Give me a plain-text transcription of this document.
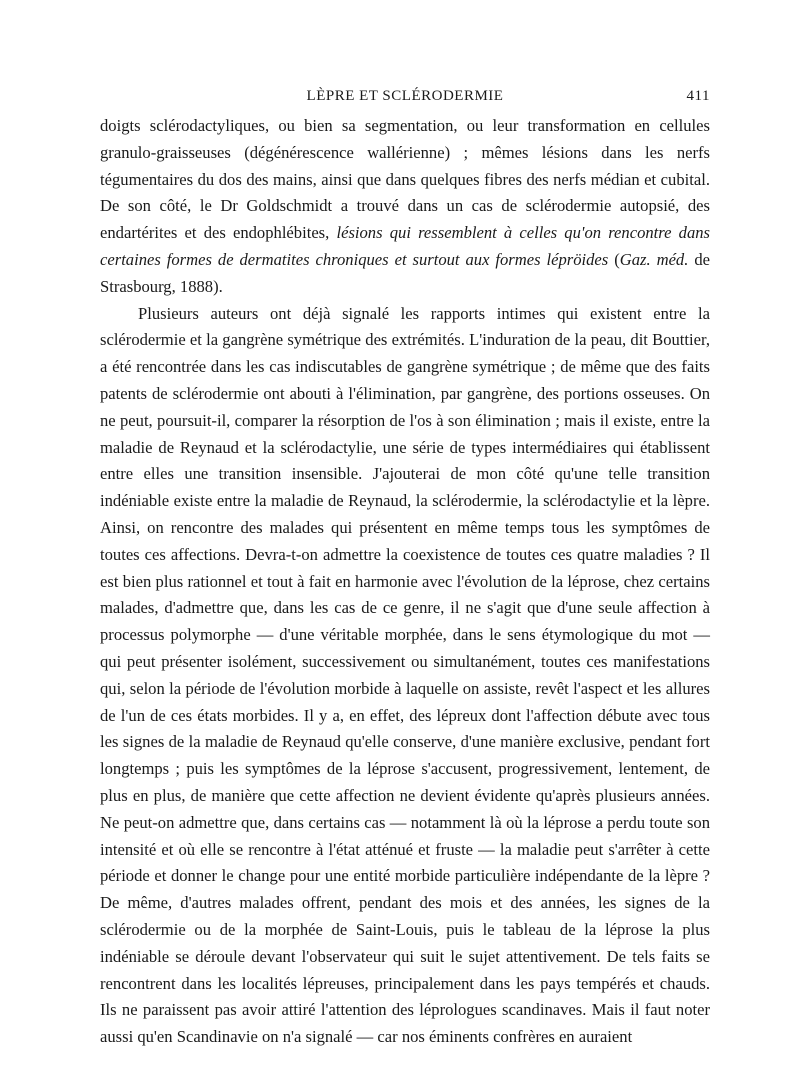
LÈPRE ET SCLÉRODERMIE	411

doigts sclérodactyliques, ou bien sa segmentation, ou leur transformation en cellules granulo-graisseuses (dégénérescence wallérienne) ; mêmes lésions dans les nerfs tégumentaires du dos des mains, ainsi que dans quelques fibres des nerfs médian et cubital. De son côté, le Dr Goldschmidt a trouvé dans un cas de sclérodermie autopsié, des endartérites et des endophlébites, lésions qui ressemblent à celles qu'on rencontre dans certaines formes de dermatites chroniques et surtout aux formes lépröides (Gaz. méd. de Strasbourg, 1888).

Plusieurs auteurs ont déjà signalé les rapports intimes qui existent entre la sclérodermie et la gangrène symétrique des extrémités. L'induration de la peau, dit Bouttier, a été rencontrée dans les cas indiscutables de gangrène symétrique ; de même que des faits patents de sclérodermie ont abouti à l'élimination, par gangrène, des portions osseuses. On ne peut, poursuit-il, comparer la résorption de l'os à son élimination ; mais il existe, entre la maladie de Reynaud et la sclérodactylie, une série de types intermédiaires qui établissent entre elles une transition insensible. J'ajouterai de mon côté qu'une telle transition indéniable existe entre la maladie de Reynaud, la sclérodermie, la sclérodactylie et la lèpre. Ainsi, on rencontre des malades qui présentent en même temps tous les symptômes de toutes ces affections. Devra-t-on admettre la coexistence de toutes ces quatre maladies ? Il est bien plus rationnel et tout à fait en harmonie avec l'évolution de la léprose, chez certains malades, d'admettre que, dans les cas de ce genre, il ne s'agit que d'une seule affection à processus polymorphe — d'une véritable morphée, dans le sens étymologique du mot — qui peut présenter isolément, successivement ou simultanément, toutes ces manifestations qui, selon la période de l'évolution morbide à laquelle on assiste, revêt l'aspect et les allures de l'un de ces états morbides. Il y a, en effet, des lépreux dont l'affection débute avec tous les signes de la maladie de Reynaud qu'elle conserve, d'une manière exclusive, pendant fort longtemps ; puis les symptômes de la léprose s'accusent, progressivement, lentement, de plus en plus, de manière que cette affection ne devient évidente qu'après plusieurs années. Ne peut-on admettre que, dans certains cas — notamment là où la léprose a perdu toute son intensité et où elle se rencontre à l'état atténué et fruste — la maladie peut s'arrêter à cette période et donner le change pour une entité morbide particulière indépendante de la lèpre ? De même, d'autres malades offrent, pendant des mois et des années, les signes de la sclérodermie ou de la morphée de Saint-Louis, puis le tableau de la léprose la plus indéniable se déroule devant l'observateur qui suit le sujet attentivement. De tels faits se rencontrent dans les localités lépreuses, principalement dans les pays tempérés et chauds. Ils ne paraissent pas avoir attiré l'attention des léprologues scandinaves. Mais il faut noter aussi qu'en Scandinavie on n'a signalé — car nos éminents confrères en auraient
